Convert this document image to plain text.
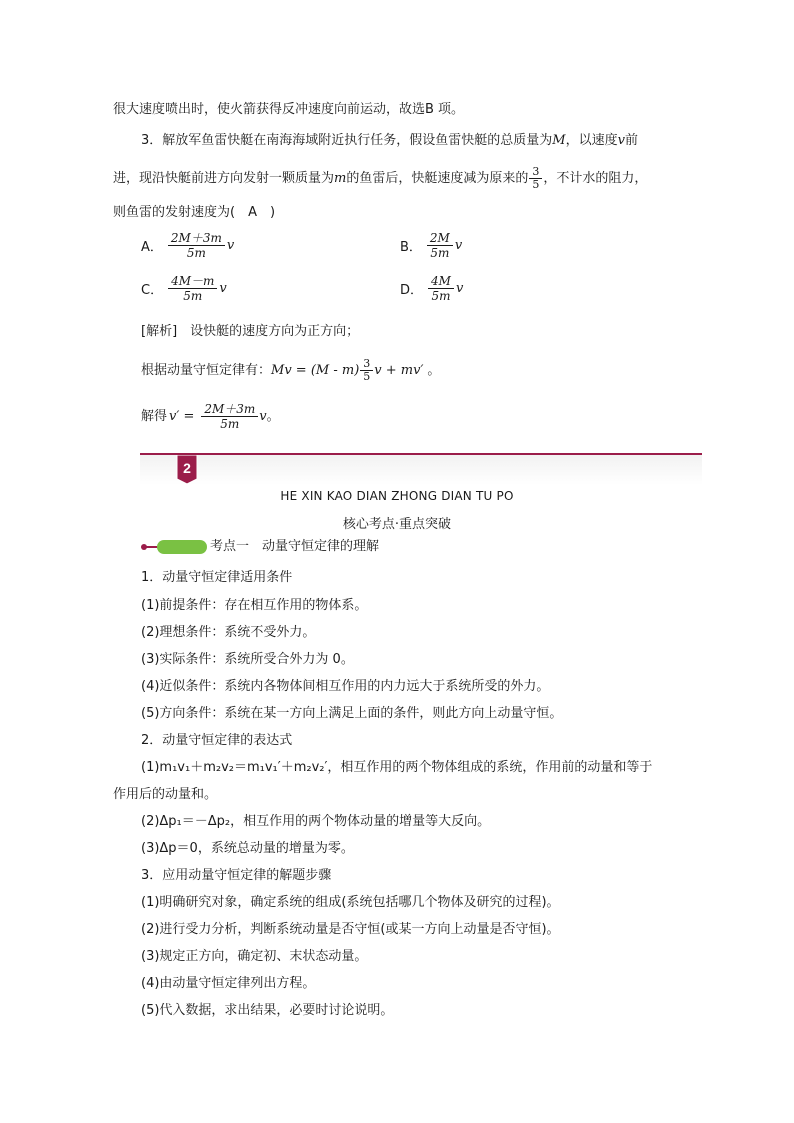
很大速度喷出时，使火箭获得反冲速度向前运动，故选B 项。
3．解放军鱼雷快艇在南海海域附近执行任务，假设鱼雷快艇的总质量为M，以速度v前
进，现沿快艇前进方向发射一颗质量为m的鱼雷后，快艇速度减为原来的 $\frac{3}{5}$ ，不计水的阻力，
则鱼雷的发射速度为(　A　)
A． $\frac{2M+3m}{5m}$ v	B． $\frac{2M}{5m}$ v
C． $\frac{4M-m}{5m}$ v	D． $\frac{4M}{5m}$ v
[解析]　 设快艇的速度方向为正方向；
根据动量守恒定律有： $Mv = (M - m) \frac{3}{5}$ v + mv′ 。
解得 $v' = \frac{2M+3m}{5m}$ v 。
2
HE XIN KAO DIAN ZHONG DIAN TU PO
核心考点·重点突破
考点一　动量守恒定律的理解
1．动量守恒定律适用条件
(1)前提条件：存在相互作用的物体系。
(2)理想条件：系统不受外力。
(3)实际条件：系统所受合外力为 0。
(4)近似条件：系统内各物体间相互作用的内力远大于系统所受的外力。
(5)方向条件：系统在某一方向上满足上面的条件，则此方向上动量守恒。
2．动量守恒定律的表达式
(1)m₁v₁＋m₂v₂＝m₁v₁′＋m₂v₂′，相互作用的两个物体组成的系统，作用前的动量和等于
作用后的动量和。
(2)Δp₁＝－Δp₂，相互作用的两个物体动量的增量等大反向。
(3)Δp＝0，系统总动量的增量为零。
3．应用动量守恒定律的解题步骤
(1)明确研究对象，确定系统的组成(系统包括哪几个物体及研究的过程)。
(2)进行受力分析，判断系统动量是否守恒(或某一方向上动量是否守恒)。
(3)规定正方向，确定初、末状态动量。
(4)由动量守恒定律列出方程。
(5)代入数据，求出结果，必要时讨论说明。
